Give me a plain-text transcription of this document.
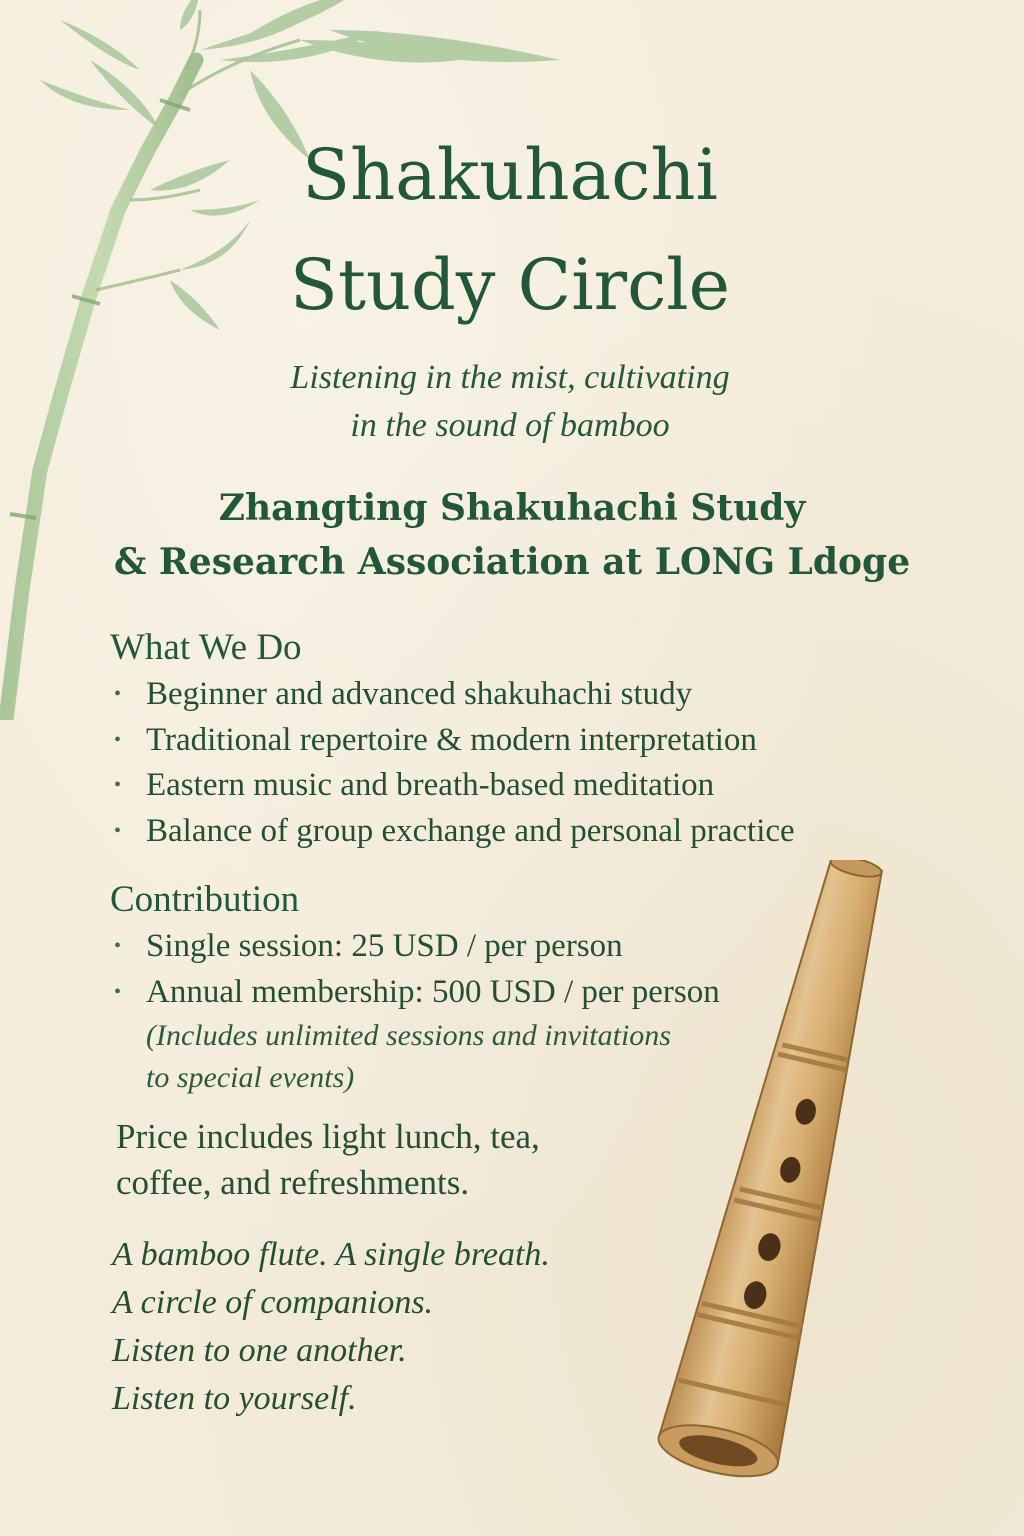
Shakuhachi
Study Circle
Listening in the mist, cultivating
in the sound of bamboo
Zhangting Shakuhachi Study
& Research Association at LONG Ldoge
What We Do
• Beginner and advanced shakuhachi study
• Traditional repertoire & modern interpretation
• Eastern music and breath-based meditation
• Balance of group exchange and personal practice
Contribution
• Single session: 25 USD / per person
• Annual membership: 500 USD / per person
(Includes unlimited sessions and invitations
to special events)
Price includes light lunch, tea,
coffee, and refreshments.
A bamboo flute. A single breath.
A circle of companions.
Listen to one another.
Listen to yourself.
